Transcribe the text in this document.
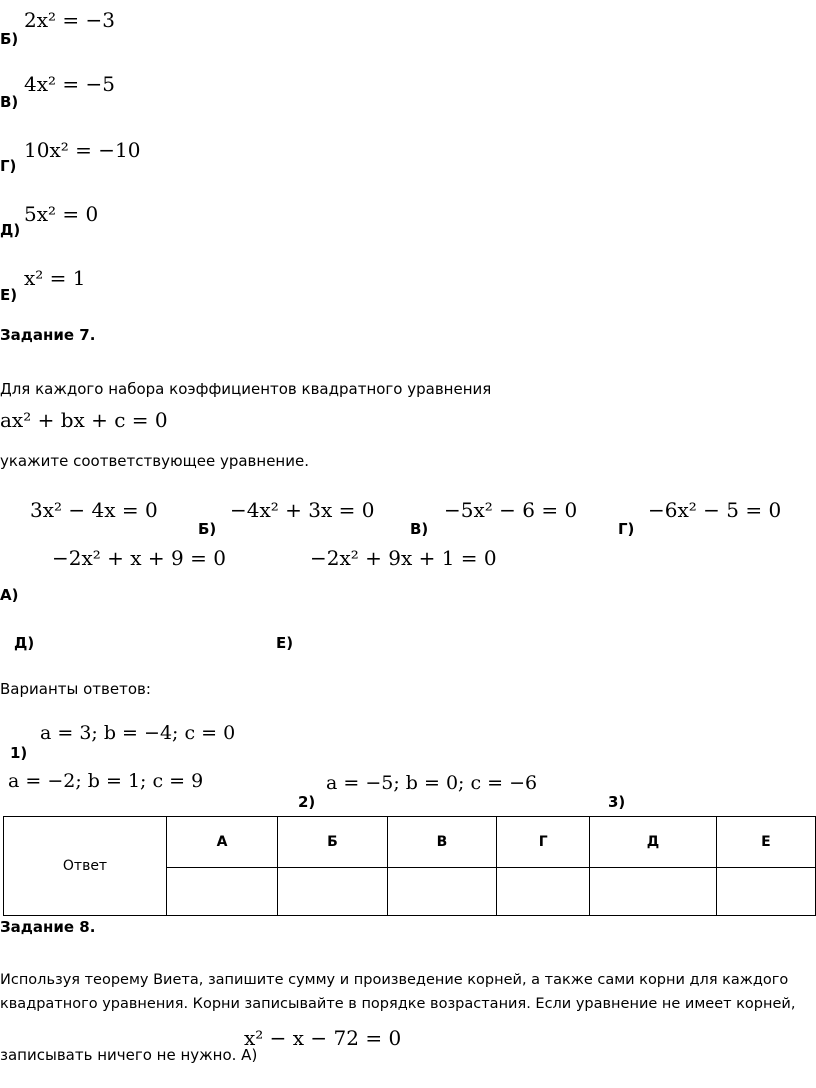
2x² = −3
Б)
4x² = −5
В)
10x² = −10
Г)
5x² = 0
Д)
x² = 1
Е)
Задание 7.
Для каждого набора коэффициентов квадратного уравнения
ax² + bx + c = 0
укажите соответствующее уравнение.
3x² − 4x = 0	−4x² + 3x = 0	−5x² − 6 = 0	−6x² − 5 = 0
Б)	В)	Г)
−2x² + x + 9 = 0	−2x² + 9x + 1 = 0
А)
Д)	Е)
Варианты ответов:
a = 3; b = −4; c = 0
1)
a = −2; b = 1; c = 9
2)
a = −5; b = 0; c = −6
3)
Ответ	А	Б	В	Г	Д	Е

Задание 8.
Используя теорему Виета, запишите сумму и произведение корней, а также сами корни для каждого
квадратного уравнения. Корни записывайте в порядке возрастания. Если уравнение не имеет корней,
записывать ничего не нужно. А)
x² − x − 72 = 0
